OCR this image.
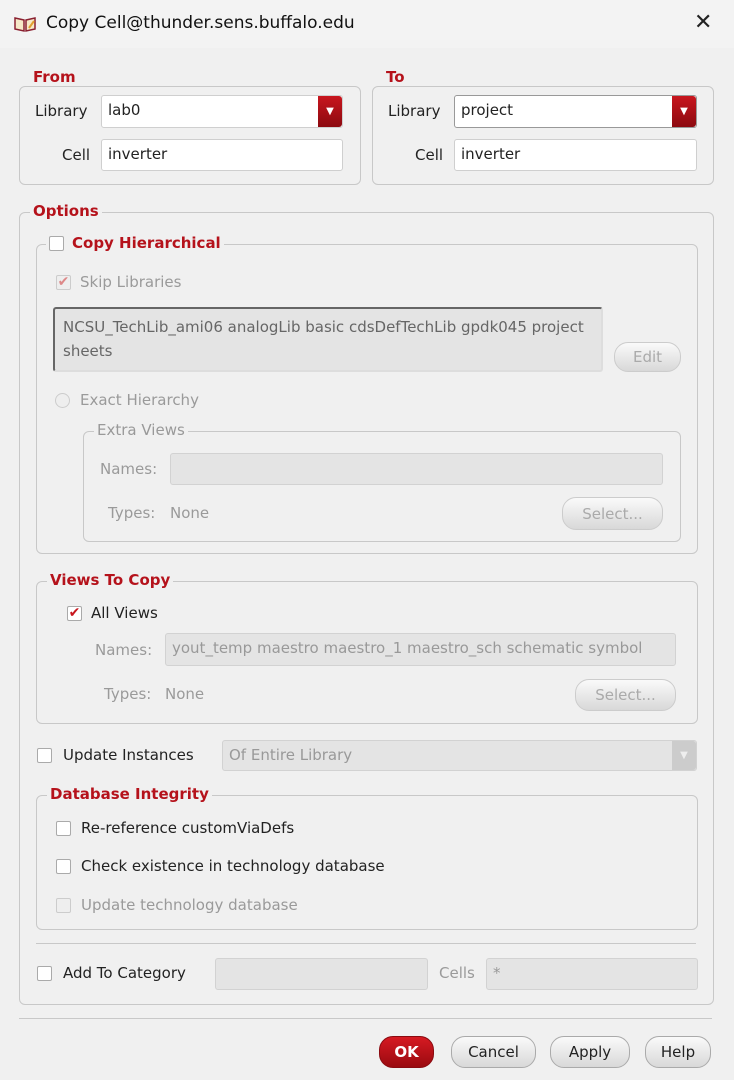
Copy Cell@thunder.sens.buffalo.edu	✕
From
Library	lab0	▼
Cell	inverter
To
Library	project	▼
Cell	inverter
Options
Copy Hierarchical
✔ Skip Libraries
NCSU_TechLib_ami06 analogLib basic cdsDefTechLib gpdk045 project sheets	Edit
Exact Hierarchy
Extra Views
Names:
Types: None	Select...
Views To Copy
✔ All Views
Names:	yout_temp maestro maestro_1 maestro_sch schematic symbol
Types: None	Select...
Update Instances	Of Entire Library	▼
Database Integrity
Re-reference customViaDefs
Check existence in technology database
Update technology database
Add To Category	Cells	*
OK	Cancel	Apply	Help
